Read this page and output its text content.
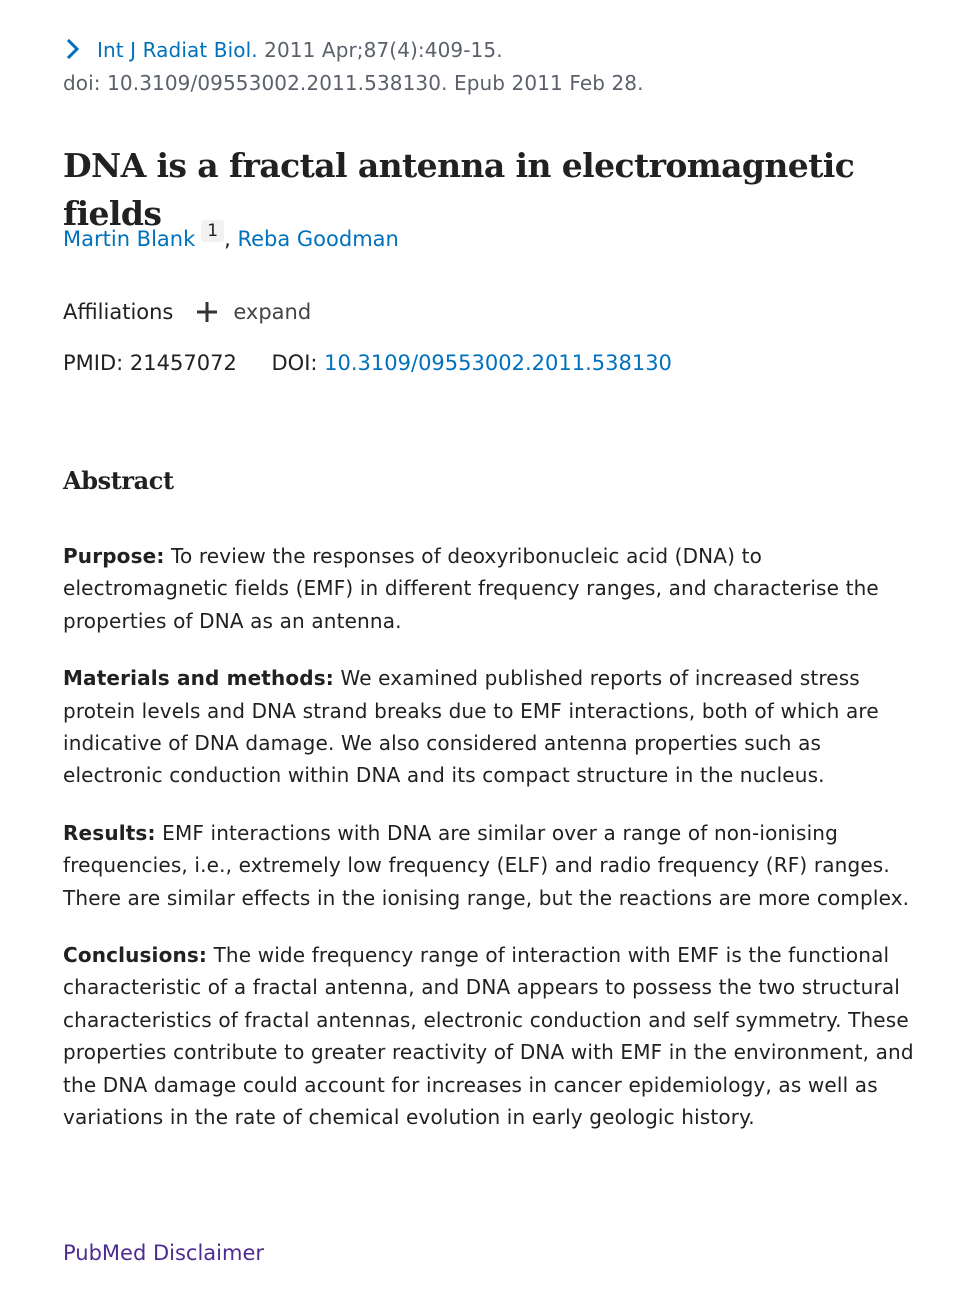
Int J Radiat Biol. 2011 Apr;87(4):409-15.
doi: 10.3109/09553002.2011.538130. Epub 2011 Feb 28.
DNA is a fractal antenna in electromagnetic fields
Martin Blank 1 , Reba Goodman
Affiliations	expand
PMID: 21457072 DOI: 10.3109/09553002.2011.538130
Abstract

Purpose: To review the responses of deoxyribonucleic acid (DNA) to electromagnetic fields (EMF) in different frequency ranges, and characterise the properties of DNA as an antenna.

Materials and methods: We examined published reports of increased stress protein levels and DNA strand breaks due to EMF interactions, both of which are indicative of DNA damage. We also considered antenna properties such as electronic conduction within DNA and its compact structure in the nucleus.

Results: EMF interactions with DNA are similar over a range of non-ionising frequencies, i.e., extremely low frequency (ELF) and radio frequency (RF) ranges. There are similar effects in the ionising range, but the reactions are more complex.

Conclusions: The wide frequency range of interaction with EMF is the functional characteristic of a fractal antenna, and DNA appears to possess the two structural characteristics of fractal antennas, electronic conduction and self symmetry. These properties contribute to greater reactivity of DNA with EMF in the environment, and the DNA damage could account for increases in cancer epidemiology, as well as variations in the rate of chemical evolution in early geologic history.

PubMed Disclaimer
